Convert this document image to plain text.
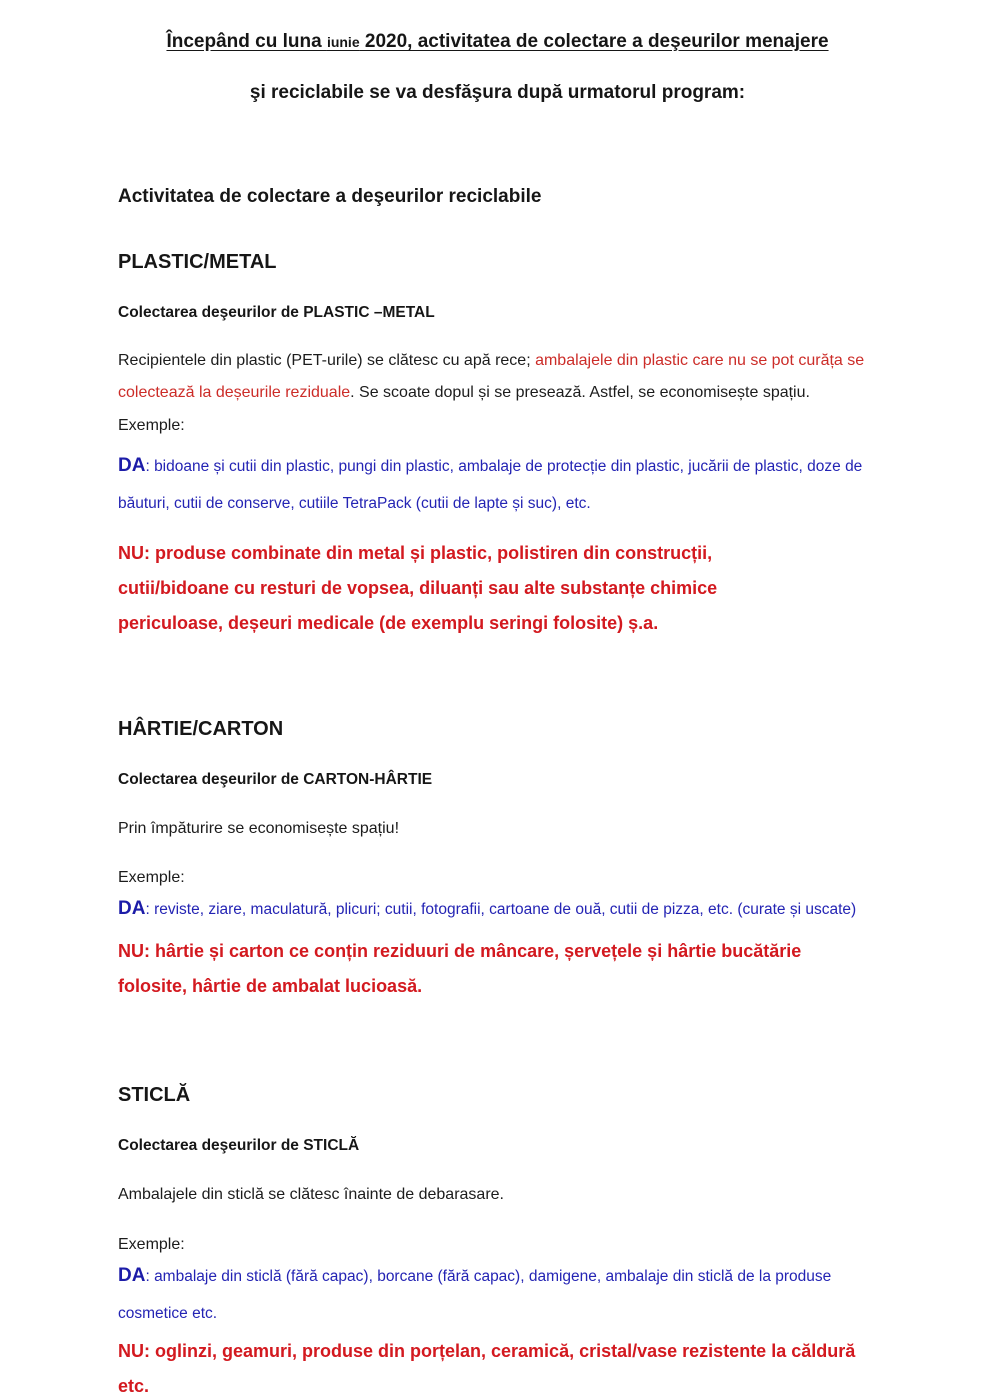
Începând cu luna iunie 2020, activitatea de colectare a deşeurilor menajere
şi reciclabile se va desfăşura după urmatorul program:
Activitatea de colectare a deşeurilor reciclabile
PLASTIC/METAL
Colectarea deşeurilor de PLASTIC –METAL
Recipientele din plastic (PET-urile) se clătesc cu apă rece; ambalajele din plastic care nu se pot curăța se colectează la deșeurile reziduale. Se scoate dopul și se presează. Astfel, se economisește spațiu.
Exemple:
DA: bidoane și cutii din plastic, pungi din plastic, ambalaje de protecție din plastic, jucării de plastic, doze de băuturi, cutii de conserve, cutiile TetraPack (cutii de lapte și suc), etc.
NU: produse combinate din metal și plastic, polistiren din construcții, cutii/bidoane cu resturi de vopsea, diluanți sau alte substanțe chimice periculoase, deșeuri medicale (de exemplu seringi folosite) ș.a.
HÂRTIE/CARTON
Colectarea deşeurilor de CARTON-HÂRTIE
Prin împăturire se economisește spațiu!
Exemple:
DA: reviste, ziare, maculatură, plicuri; cutii, fotografii, cartoane de ouă, cutii de pizza, etc. (curate și uscate)
NU: hârtie și carton ce conțin reziduuri de mâncare, șervețele și hârtie bucătărie folosite, hârtie de ambalat lucioasă.
STICLĂ
Colectarea deşeurilor de STICLĂ
Ambalajele din sticlă se clătesc înainte de debarasare.
Exemple:
DA: ambalaje din sticlă (fără capac), borcane (fără capac), damigene, ambalaje din sticlă de la produse cosmetice etc.
NU: oglinzi, geamuri, produse din porțelan, ceramică, cristal/vase rezistente la căldură etc.
